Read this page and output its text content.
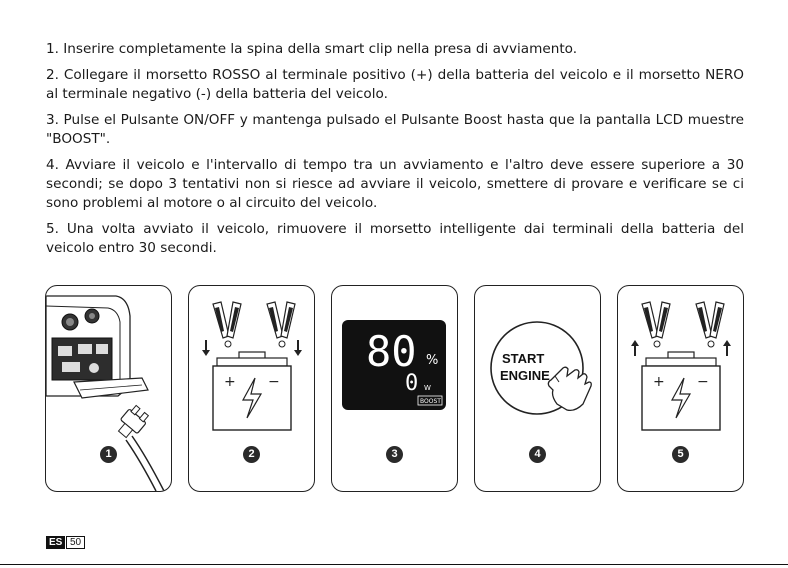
1. Inserire completamente la spina della smart clip nella presa di avviamento.

2. Collegare il morsetto ROSSO al terminale positivo (+) della batteria del veicolo e il morsetto NERO al terminale negativo (-) della batteria del veicolo.

3. Pulse el Pulsante ON/OFF y mantenga pulsado el Pulsante Boost hasta que la pantalla LCD muestre "BOOST".

4. Avviare il veicolo e l'intervallo di tempo tra un avviamento e l'altro deve essere superiore a 30 secondi; se dopo 3 tentativi non si riesce ad avviare il veicolo, smettere di provare e verificare se ci sono problemi al motore o al circuito del veicolo.

5. Una volta avviato il veicolo, rimuovere il morsetto intelligente dai terminali della batteria del veicolo entro 30 secondi.

1
+ −
2
80 %
0 W
BOOST
3
START
ENGINE
4
+ −
5
ES 50
